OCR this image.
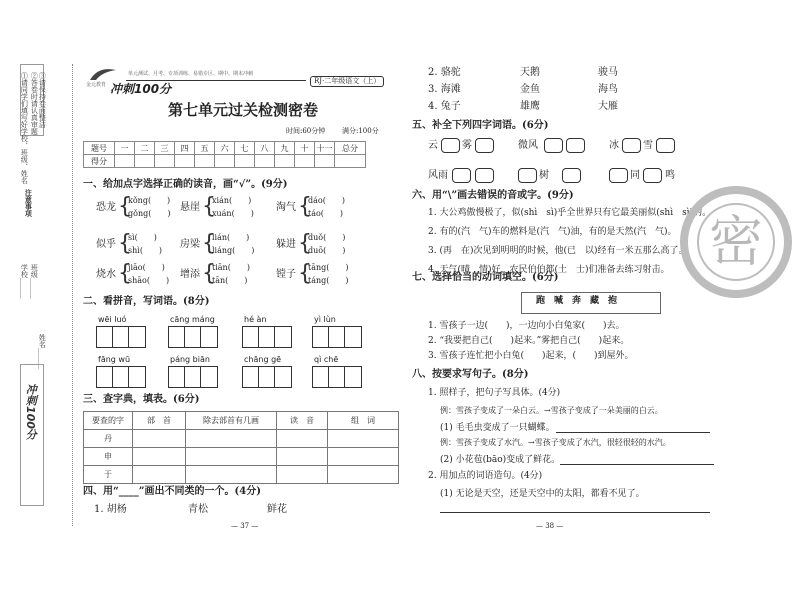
注意事项
①请同学们填写好学校、班级、姓名 ②答卷时请认真审题 ③请保持卷面整洁
学校______ 班级______
姓名______
冲刺100分
冲刺100分
金元教育
单元测试、月考、专项训练、易错专区、期中、期末冲刺
RJ·二年级语文（上）
第七单元过关检测密卷
时间:60分钟 满分:100分
题号	一	二	三	四	五	六	七	八	九	十	十一	总分
得分												
一、给加点字选择正确的读音，画“√”。(9分)
恐龙 {
kǒng(　　)
gǒng(　　)
悬崖 {
xián(　　)
xuán(　　)
淘气 {
dáo(　　)
táo(　　)
似乎 {
sì(　　)
shì(　　)
房梁 {
lián(　　)
liáng(　　)
躲进 {
duǒ(　　)
duō(　　)
烧水 {
jiāo(　　)
shāo(　　)
增添 {
tiān(　　)
tān(　　)
镗子 {
tāng(　　)
táng(　　)
二、看拼音，写词语。(8分)
wēi luó	cāng máng	hé àn	yì lùn
fāng wū	páng biān	chāng gē	qì chē
三、查字典，填表。(6分)
要查的字	部　首	除去部首有几画	读　音	组　词
丹				
申				
于				
四、用“____”画出不同类的一个。(4分)
1. 胡杨	青松	鲜花
— 37 —
2. 骆驼	天鹅	骏马
3. 海滩	金鱼	海鸟
4. 兔子	雄鹰	大雁
五、补全下列四字词语。(6分)
云 雾	微风	冰 雪
风雨	树	同	鸣
六、用“\”画去错误的音或字。(9分)
1. 大公鸡傲慢极了，似(shì　sì)乎全世界只有它最美丽似(shì　sì)的。
2. 有的(汽　气)车的燃料是(汽　气)油，有的是天然(汽　气)。
3. (再　在)次见到明明的时候，他(已　以)经有一米五那么高了。
4. 天气(晴　情)好，农民伯伯都(土　士)们准备去练习射击。
七、选择恰当的动词填空。(6分)
跑　喊　奔　藏　抱
1. 雪孩子一边(　　)，一边向小白兔家(　　)去。
2. “我要把自己(　　)起来。”雾把自己(　　)起来。
3. 雪孩子连忙把小白兔(　　)起来，(　　)到屋外。
八、按要求写句子。(8分)
1. 照样子，把句子写具体。(4分)
例：雪孩子变成了一朵白云。→雪孩子变成了一朵美丽的白云。
(1) 毛毛虫变成了一只蝴蝶。
例：雪孩子变成了水汽。→雪孩子变成了水汽，很轻很轻的水汽。
(2) 小花苞(bāo)变成了鲜花。
2. 用加点的词语造句。(4分)
(1) 无论是天空，还是天空中的太阳，都看不见了。
密
— 38 —
